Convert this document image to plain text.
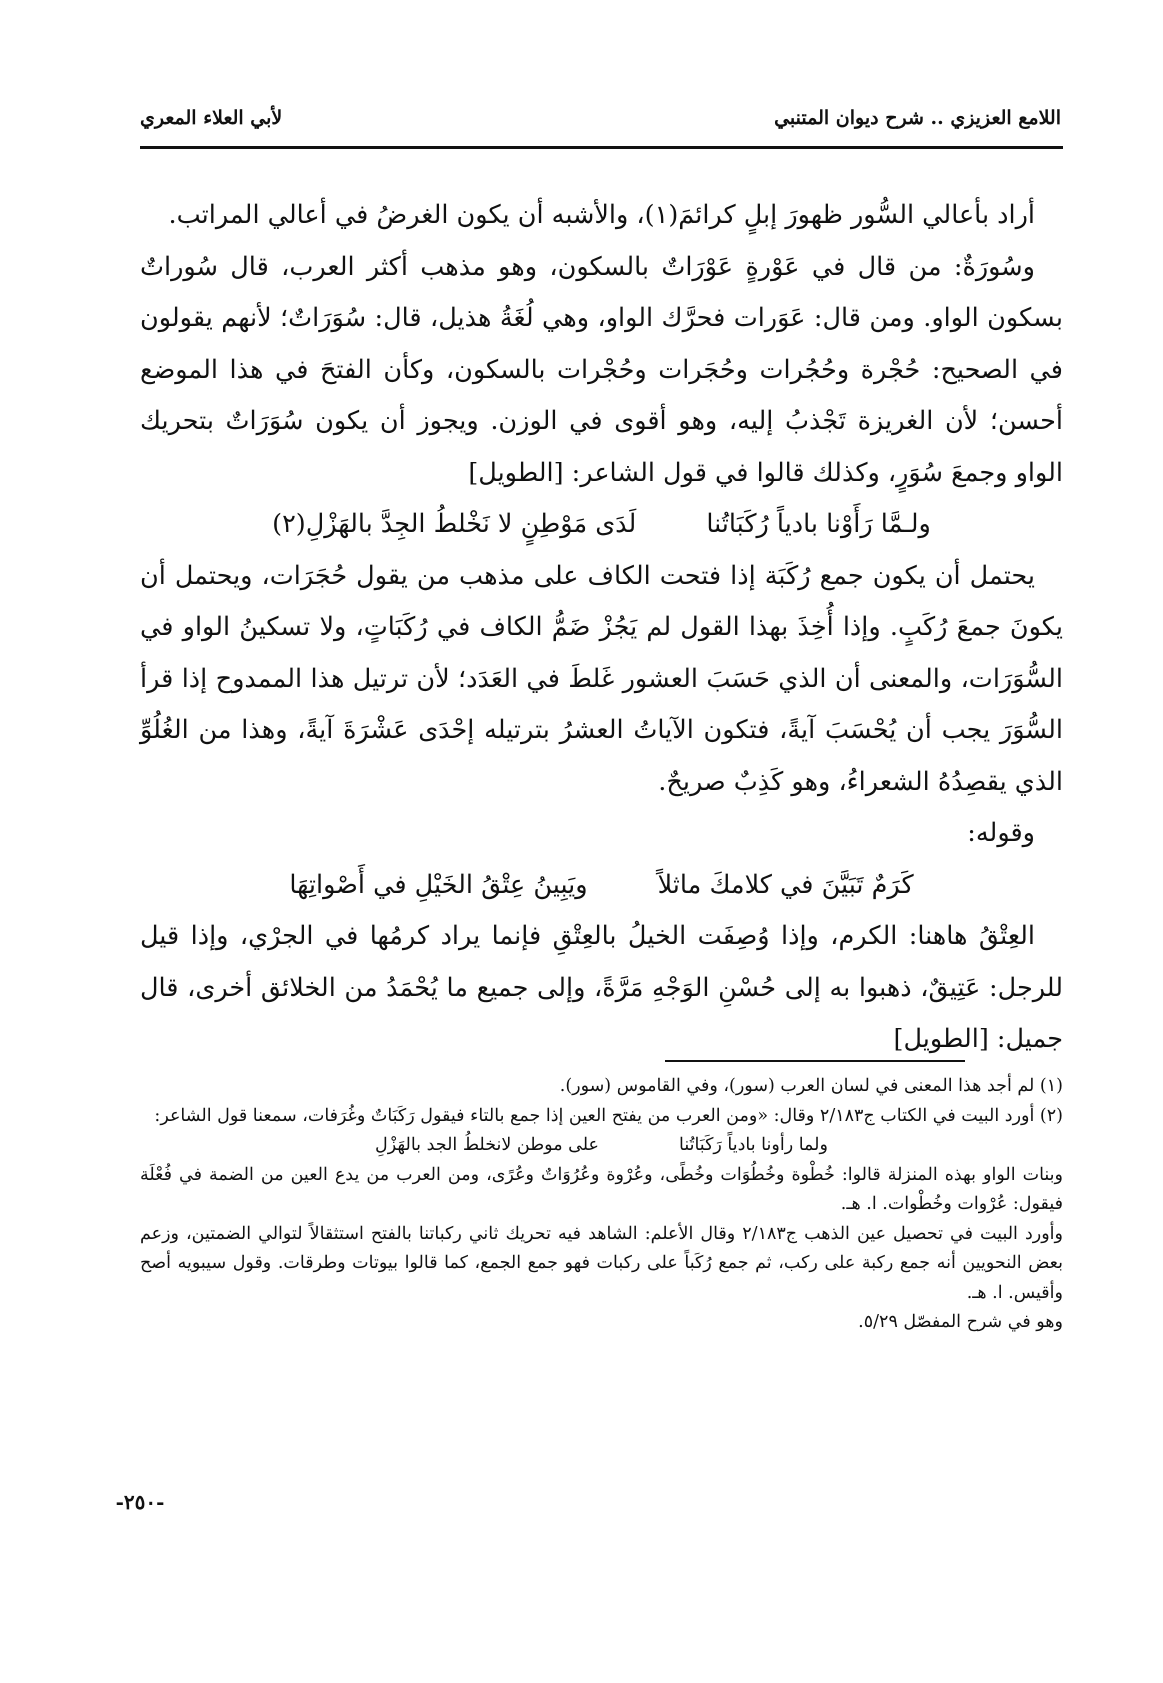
اللامع العزيزي .. شرح ديوان المتنبي
لأبي العلاء المعري

أراد بأعالي السُّور ظهورَ إبلٍ كرائمَ(١)، والأشبه أن يكون الغرضُ في أعالي المراتب.

وسُورَةٌ: من قال في عَوْرةٍ عَوْرَاتٌ بالسكون، وهو مذهب أكثر العرب، قال سُوراتٌ بسكون الواو. ومن قال: عَوَرات فحرَّك الواو، وهي لُغَةُ هذيل، قال: سُوَرَاتٌ؛ لأنهم يقولون في الصحيح: حُجْرة وحُجُرات وحُجَرات وحُجْرات بالسكون، وكأن الفتحَ في هذا الموضع أحسن؛ لأن الغريزة تَجْذبُ إليه، وهو أقوى في الوزن. ويجوز أن يكون سُوَرَاتٌ بتحريك الواو وجمعَ سُوَرٍ، وكذلك قالوا في قول الشاعر: [الطويل]

ولـمَّا رَأَوْنا بادياً رُكَبَاتُنا
لَدَى مَوْطِنٍ لا نَخْلطُ الجِدَّ بالهَزْلِ(٢)

يحتمل أن يكون جمع رُكَبَة إذا فتحت الكاف على مذهب من يقول حُجَرَات، ويحتمل أن يكونَ جمعَ رُكَبٍ. وإذا أُخِذَ بهذا القول لم يَجُزْ ضَمُّ الكاف في رُكَبَاتٍ، ولا تسكينُ الواو في السُّوَرَات، والمعنى أن الذي حَسَبَ العشور غَلطَ في العَدَد؛ لأن ترتيل هذا الممدوح إذا قرأ السُّوَرَ يجب أن يُحْسَبَ آيةً، فتكون الآياتُ العشرُ بترتيله إحْدَى عَشْرَةَ آيةً، وهذا من الغُلُوِّ الذي يقصِدُهُ الشعراءُ، وهو كَذِبٌ صريحٌ.

وقوله:

كَرَمٌ تَبَيَّنَ في كلامكَ ماثلاً
ويَبِينُ عِتْقُ الخَيْلِ في أَصْواتِهَا

العِتْقُ هاهنا: الكرم، وإذا وُصِفَت الخيلُ بالعِتْقِ فإنما يراد كرمُها في الجرْي، وإذا قيل للرجل: عَتِيقٌ، ذهبوا به إلى حُسْنِ الوَجْهِ مَرَّةً، وإلى جميع ما يُحْمَدُ من الخلائق أخرى، قال جميل: [الطويل]

(١) لم أجد هذا المعنى في لسان العرب (سور)، وفي القاموس (سور).

(٢) أورد البيت في الكتاب ج٢/١٨٣ وقال: «ومن العرب من يفتح العين إذا جمع بالتاء فيقول رَكَبَاتٌ وغُرَفات، سمعنا قول الشاعر:

ولما رأونا بادياً رَكَبَاتُنا
على موطن لانخلطُ الجد بالهَزْلِ

وبنات الواو بهذه المنزلة قالوا: خُطْوة وخُطُوَات وخُطًى، وعُرْوة وعُرُوَاتٌ وعُرًى، ومن العرب من يدع العين من الضمة في فُعْلَة فيقول: عُرْوات وخُطْوات. ا. هـ.

وأورد البيت في تحصيل عين الذهب ج٢/١٨٣ وقال الأعلم: الشاهد فيه تحريك ثاني ركباتنا بالفتح استثقالاً لتوالي الضمتين، وزعم بعض النحويين أنه جمع ركبة على ركب، ثم جمع رُكَباً على ركبات فهو جمع الجمع، كما قالوا بيوتات وطرقات. وقول سيبويه أصح وأقيس. ا. هـ.

وهو في شرح المفصّل ٥/٢٩.

-٢٥٠-
